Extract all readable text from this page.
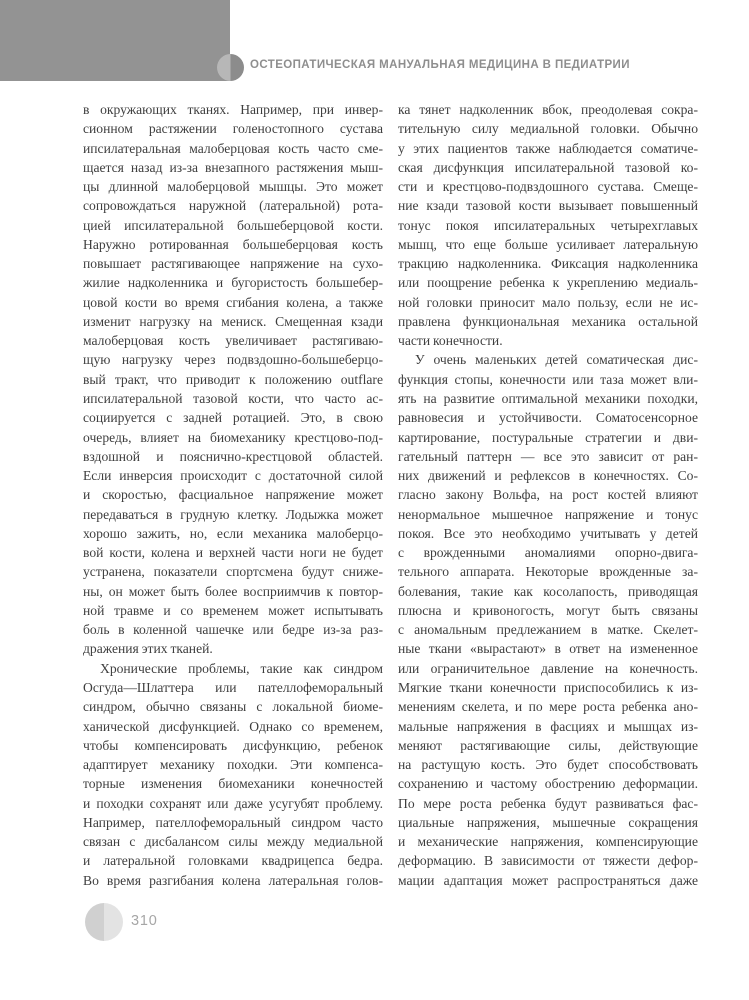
ОСТЕОПАТИЧЕСКАЯ МАНУАЛЬНАЯ МЕДИЦИНА В ПЕДИАТРИИ
в окружающих тканях. Например, при инвер-
сионном растяжении голеностопного сустава
ипсилатеральная малоберцовая кость часто сме-
щается назад из-за внезапного растяжения мыш-
цы длинной малоберцовой мышцы. Это может
сопровождаться наружной (латеральной) рота-
цией ипсилатеральной большеберцовой кости.
Наружно ротированная большеберцовая кость
повышает растягивающее напряжение на сухо-
жилие надколенника и бугористость большебер-
цовой кости во время сгибания колена, а также
изменит нагрузку на мениск. Смещенная кзади
малоберцовая кость увеличивает растягиваю-
щую нагрузку через подвздошно-большеберцо-
вый тракт, что приводит к положению outflare
ипсилатеральной тазовой кости, что часто ас-
социируется с задней ротацией. Это, в свою
очередь, влияет на биомеханику крестцово-под-
вздошной и пояснично-крестцовой областей.
Если инверсия происходит с достаточной силой
и скоростью, фасциальное напряжение может
передаваться в грудную клетку. Лодыжка может
хорошо зажить, но, если механика малоберцо-
вой кости, колена и верхней части ноги не будет
устранена, показатели спортсмена будут сниже-
ны, он может быть более восприимчив к повтор-
ной травме и со временем может испытывать
боль в коленной чашечке или бедре из-за раз-
дражения этих тканей.
Хронические проблемы, такие как синдром
Осгуда—Шлаттера или пателлофеморальный
синдром, обычно связаны с локальной биоме-
ханической дисфункцией. Однако со временем,
чтобы компенсировать дисфункцию, ребенок
адаптирует механику походки. Эти компенса-
торные изменения биомеханики конечностей
и походки сохранят или даже усугубят проблему.
Например, пателлофеморальный синдром часто
связан с дисбалансом силы между медиальной
и латеральной головками квадрицепса бедра.
Во время разгибания колена латеральная голов-
ка тянет надколенник вбок, преодолевая сокра-
тительную силу медиальной головки. Обычно
у этих пациентов также наблюдается соматиче-
ская дисфункция ипсилатеральной тазовой ко-
сти и крестцово-подвздошного сустава. Смеще-
ние кзади тазовой кости вызывает повышенный
тонус покоя ипсилатеральных четырехглавых
мышц, что еще больше усиливает латеральную
тракцию надколенника. Фиксация надколенника
или поощрение ребенка к укреплению медиаль-
ной головки приносит мало пользу, если не ис-
правлена функциональная механика остальной
части конечности.
У очень маленьких детей соматическая дис-
функция стопы, конечности или таза может вли-
ять на развитие оптимальной механики походки,
равновесия и устойчивости. Соматосенсорное
картирование, постуральные стратегии и дви-
гательный паттерн — все это зависит от ран-
них движений и рефлексов в конечностях. Со-
гласно закону Вольфа, на рост костей влияют
ненормальное мышечное напряжение и тонус
покоя. Все это необходимо учитывать у детей
с врожденными аномалиями опорно-двига-
тельного аппарата. Некоторые врожденные за-
болевания, такие как косолапость, приводящая
плюсна и кривоногость, могут быть связаны
с аномальным предлежанием в матке. Скелет-
ные ткани «вырастают» в ответ на измененное
или ограничительное давление на конечность.
Мягкие ткани конечности приспособились к из-
менениям скелета, и по мере роста ребенка ано-
мальные напряжения в фасциях и мышцах из-
меняют растягивающие силы, действующие
на растущую кость. Это будет способствовать
сохранению и частому обострению деформации.
По мере роста ребенка будут развиваться фас-
циальные напряжения, мышечные сокращения
и механические напряжения, компенсирующие
деформацию. В зависимости от тяжести дефор-
мации адаптация может распространяться даже
310
